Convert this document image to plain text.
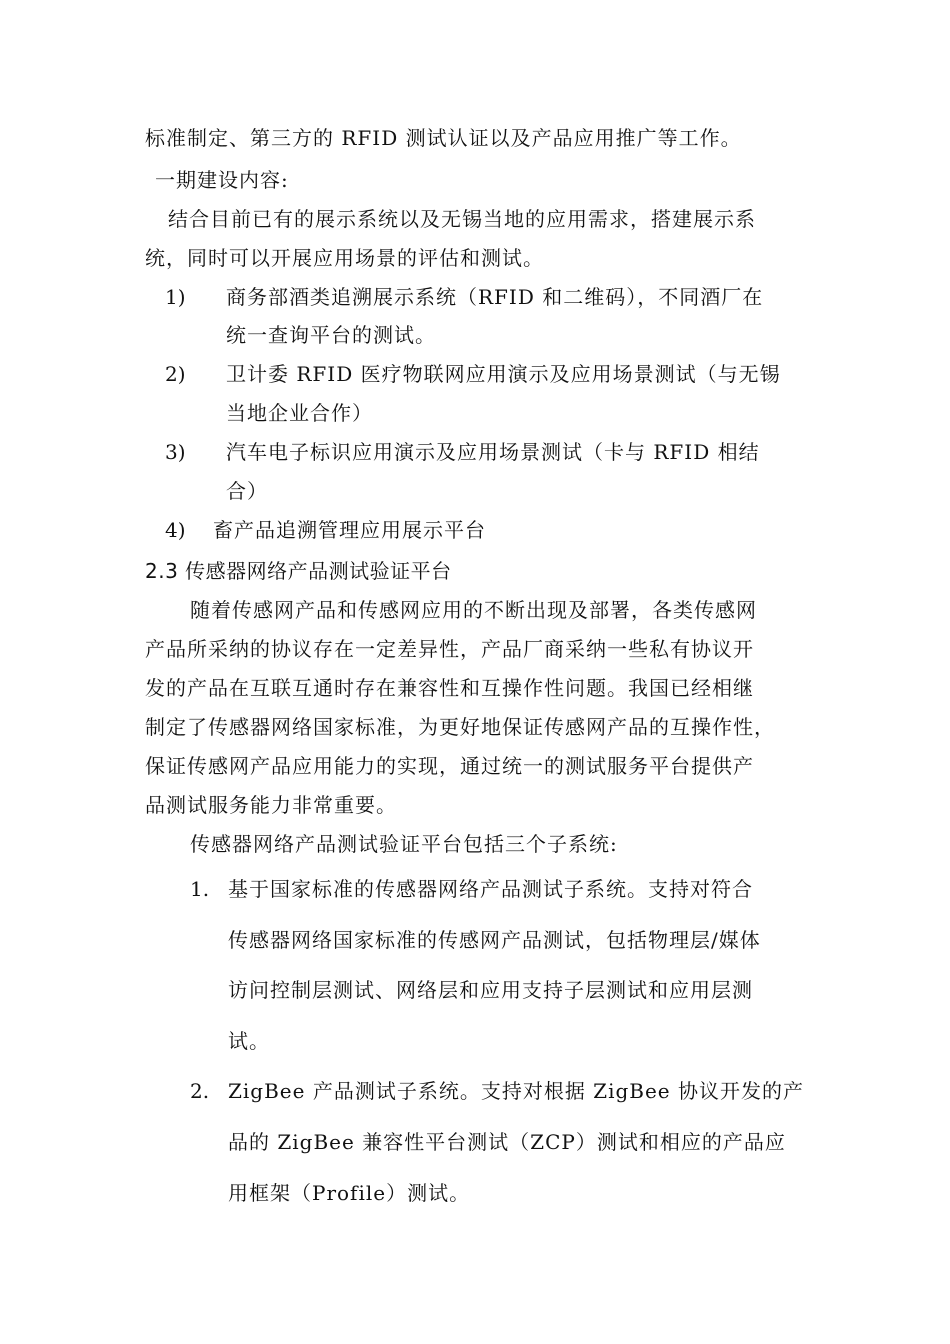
标准制定、第三方的 RFID 测试认证以及产品应用推广等工作。
一期建设内容:
结合目前已有的展示系统以及无锡当地的应用需求，搭建展示系
统，同时可以开展应用场景的评估和测试。
1) 商务部酒类追溯展示系统（RFID 和二维码），不同酒厂在
统一查询平台的测试。
2) 卫计委 RFID 医疗物联网应用演示及应用场景测试（与无锡
当地企业合作）
3) 汽车电子标识应用演示及应用场景测试（卡与 RFID 相结
合）
4) 畜产品追溯管理应用展示平台
2.3 传感器网络产品测试验证平台
随着传感网产品和传感网应用的不断出现及部署，各类传感网
产品所采纳的协议存在一定差异性，产品厂商采纳一些私有协议开
发的产品在互联互通时存在兼容性和互操作性问题。我国已经相继
制定了传感器网络国家标准，为更好地保证传感网产品的互操作性，
保证传感网产品应用能力的实现，通过统一的测试服务平台提供产
品测试服务能力非常重要。
传感器网络产品测试验证平台包括三个子系统:
1. 基于国家标准的传感器网络产品测试子系统。支持对符合
传感器网络国家标准的传感网产品测试，包括物理层/媒体
访问控制层测试、网络层和应用支持子层测试和应用层测
试。
2. ZigBee 产品测试子系统。支持对根据 ZigBee 协议开发的产
品的 ZigBee 兼容性平台测试（ZCP）测试和相应的产品应
用框架（Profile）测试。
